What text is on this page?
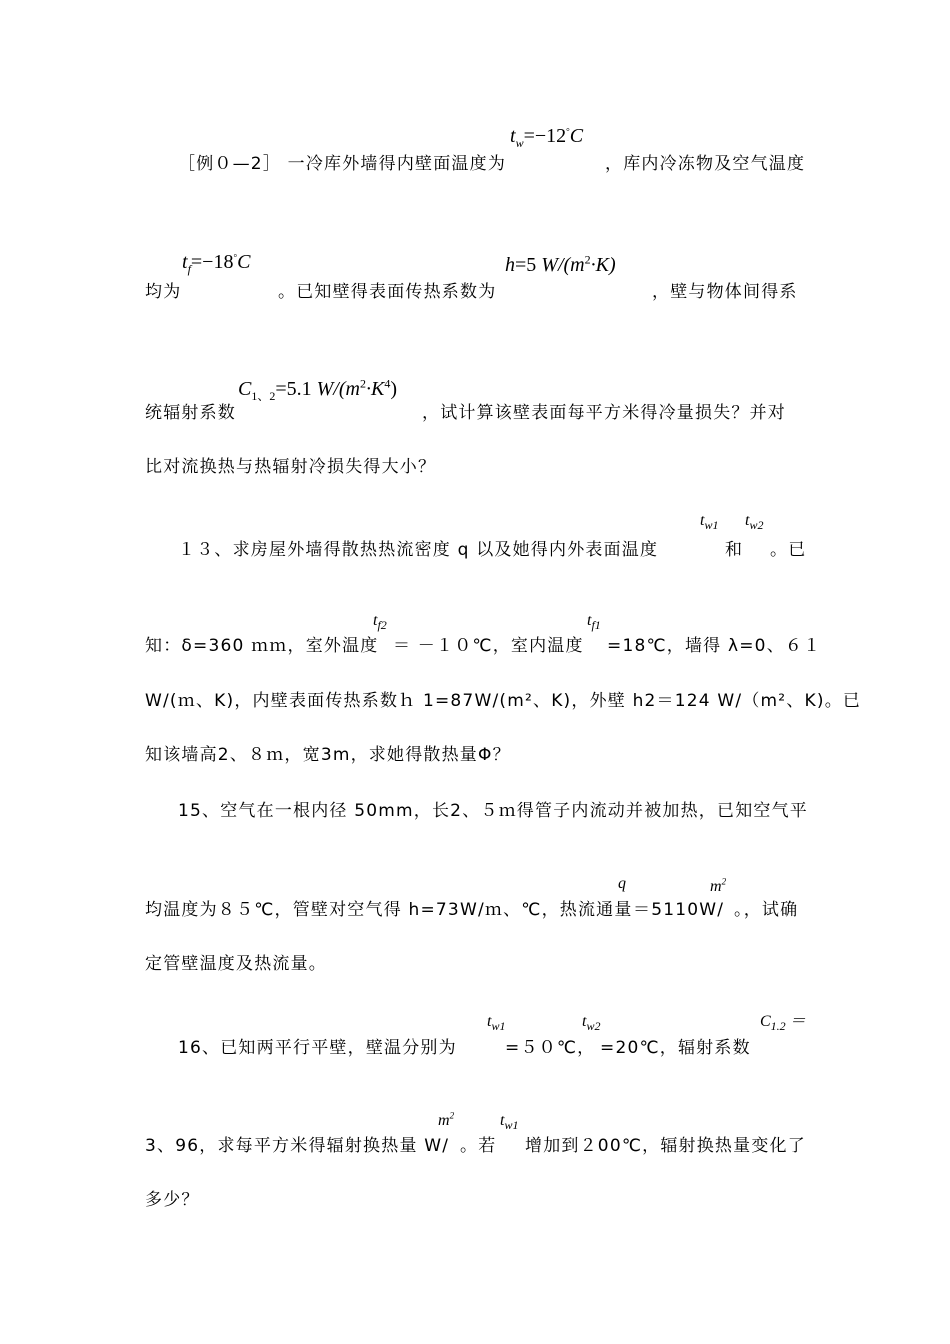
$t_w=-12^\circ C$
［例０—2］ 一冷库外墙得内壁面温度为	，库内冷冻物及空气温度
$t_f=-18^\circ C$	h=5 $W/(m^2\cdot K)$
均为	。已知壁得表面传热系数为	，壁与物体间得系
$C_{1、2}=5.1$ $W/(m^2\cdot K^4)$
统辐射系数	，试计算该壁表面每平方米得冷量损失？并对
比对流换热与热辐射冷损失得大小？
$t_{w1}$ $t_{w2}$
１３、求房屋外墙得散热热流密度 q 以及她得内外表面温度	和 。已
$t_{f2}$	$t_{f1}$
知：δ=360 ｍｍ，室外温度 ＝ －１０℃，室内温度 =18℃，墙得 λ=0、６１
W/(ｍ、K)，内壁表面传热系数ｈ 1=87W/(m²、K)，外壁 h2＝124 W/（m²、K)。已
知该墙高2、８ｍ，宽3m，求她得散热量Φ？
15、空气在一根内径 50mm，长2、５ｍ得管子内流动并被加热，已知空气平
q	$m^2$
均温度为８５℃，管壁对空气得 h=73W/ｍ、℃，热流通量 ＝5110W/ 。，试确
定管壁温度及热流量。
$t_{w1}$	$t_{w2}$	$C_{1.2}$ ＝
16、已知两平行平壁，壁温分别为	=５０℃， =20℃，辐射系数
$m^2$	$t_{w1}$
3、96，求每平方米得辐射换热量 W/ 。若 增加到２00℃，辐射换热量变化了
多少？
